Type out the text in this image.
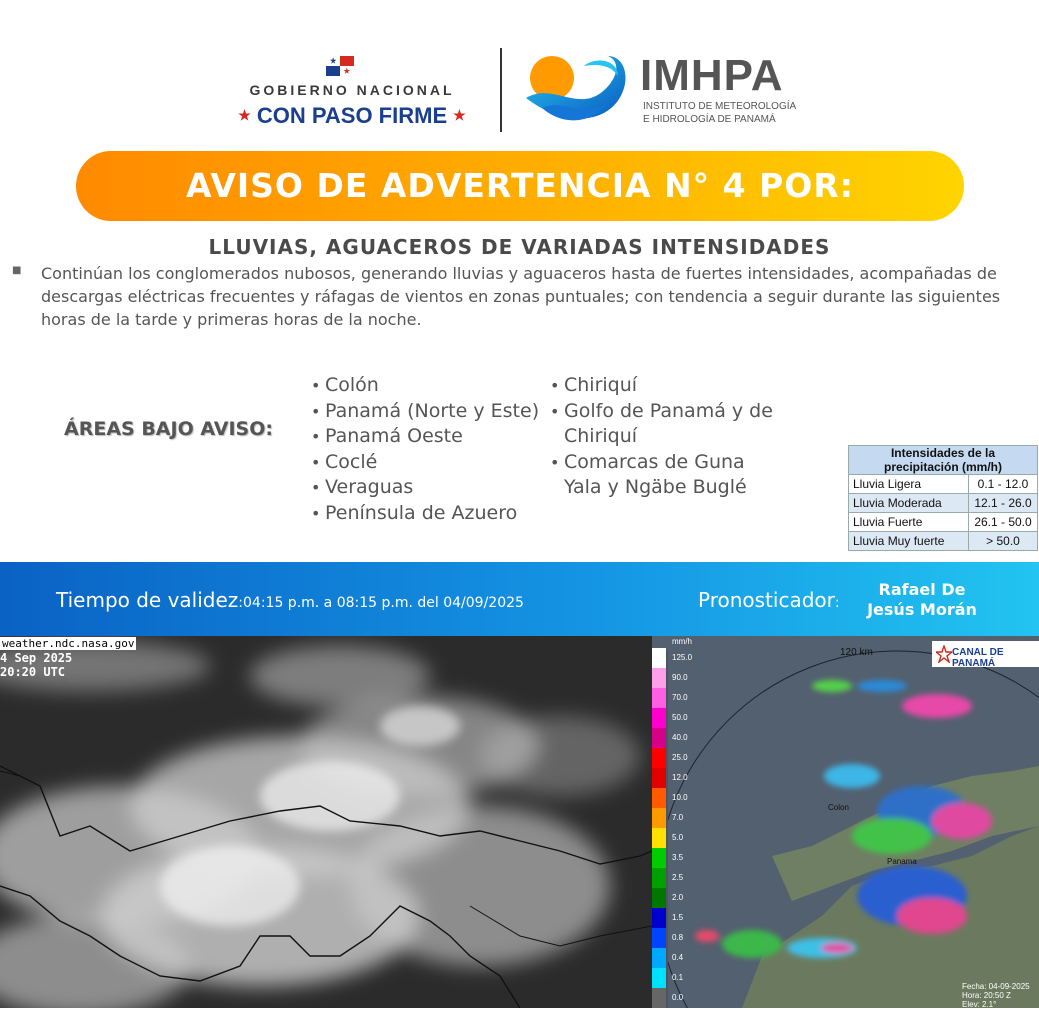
GOBIERNO NACIONAL
★ CON PASO FIRME ★
IMHPA
INSTITUTO DE METEOROLOGÍA
E HIDROLOGÍA DE PANAMÁ
AVISO DE ADVERTENCIA N° 4 POR:
LLUVIAS, AGUACEROS DE VARIADAS INTENSIDADES
■ Continúan los conglomerados nubosos, generando lluvias y aguaceros hasta de fuertes intensidades, acompañadas de descargas eléctricas frecuentes y ráfagas de vientos en zonas puntuales; con tendencia a seguir durante las siguientes horas de la tarde y primeras horas de la noche.
ÁREAS BAJO AVISO:
• Colón
• Panamá (Norte y Este)
• Panamá Oeste
• Coclé
• Veraguas
• Península de Azuero
• Chiriquí
• Golfo de Panamá y de Chiriquí
• Comarcas de Guna Yala y Ngäbe Buglé
Intensidades de la precipitación (mm/h)	
Lluvia Ligera	0.1 - 12.0
Lluvia Moderada	12.1 - 26.0
Lluvia Fuerte	26.1 - 50.0
Lluvia Muy fuerte	> 50.0
Tiempo de validez:04:15 p.m. a 08:15 p.m. del 04/09/2025	Pronosticador:
Rafael De
Jesús Morán
weather.ndc.nasa.gov
4 Sep 2025
20:20 UTC
mm/h
125.0
90.0
70.0
50.0
40.0
25.0
12.0
10.0
7.0
5.0
3.5
2.5
2.0
1.5
0.8
0.4
0.1
0.0
CANAL DE PANAMÁ
120 km
Colon
Panama
Fecha: 04-09-2025
Hora: 20:50 Z
Elev: 2.1°
